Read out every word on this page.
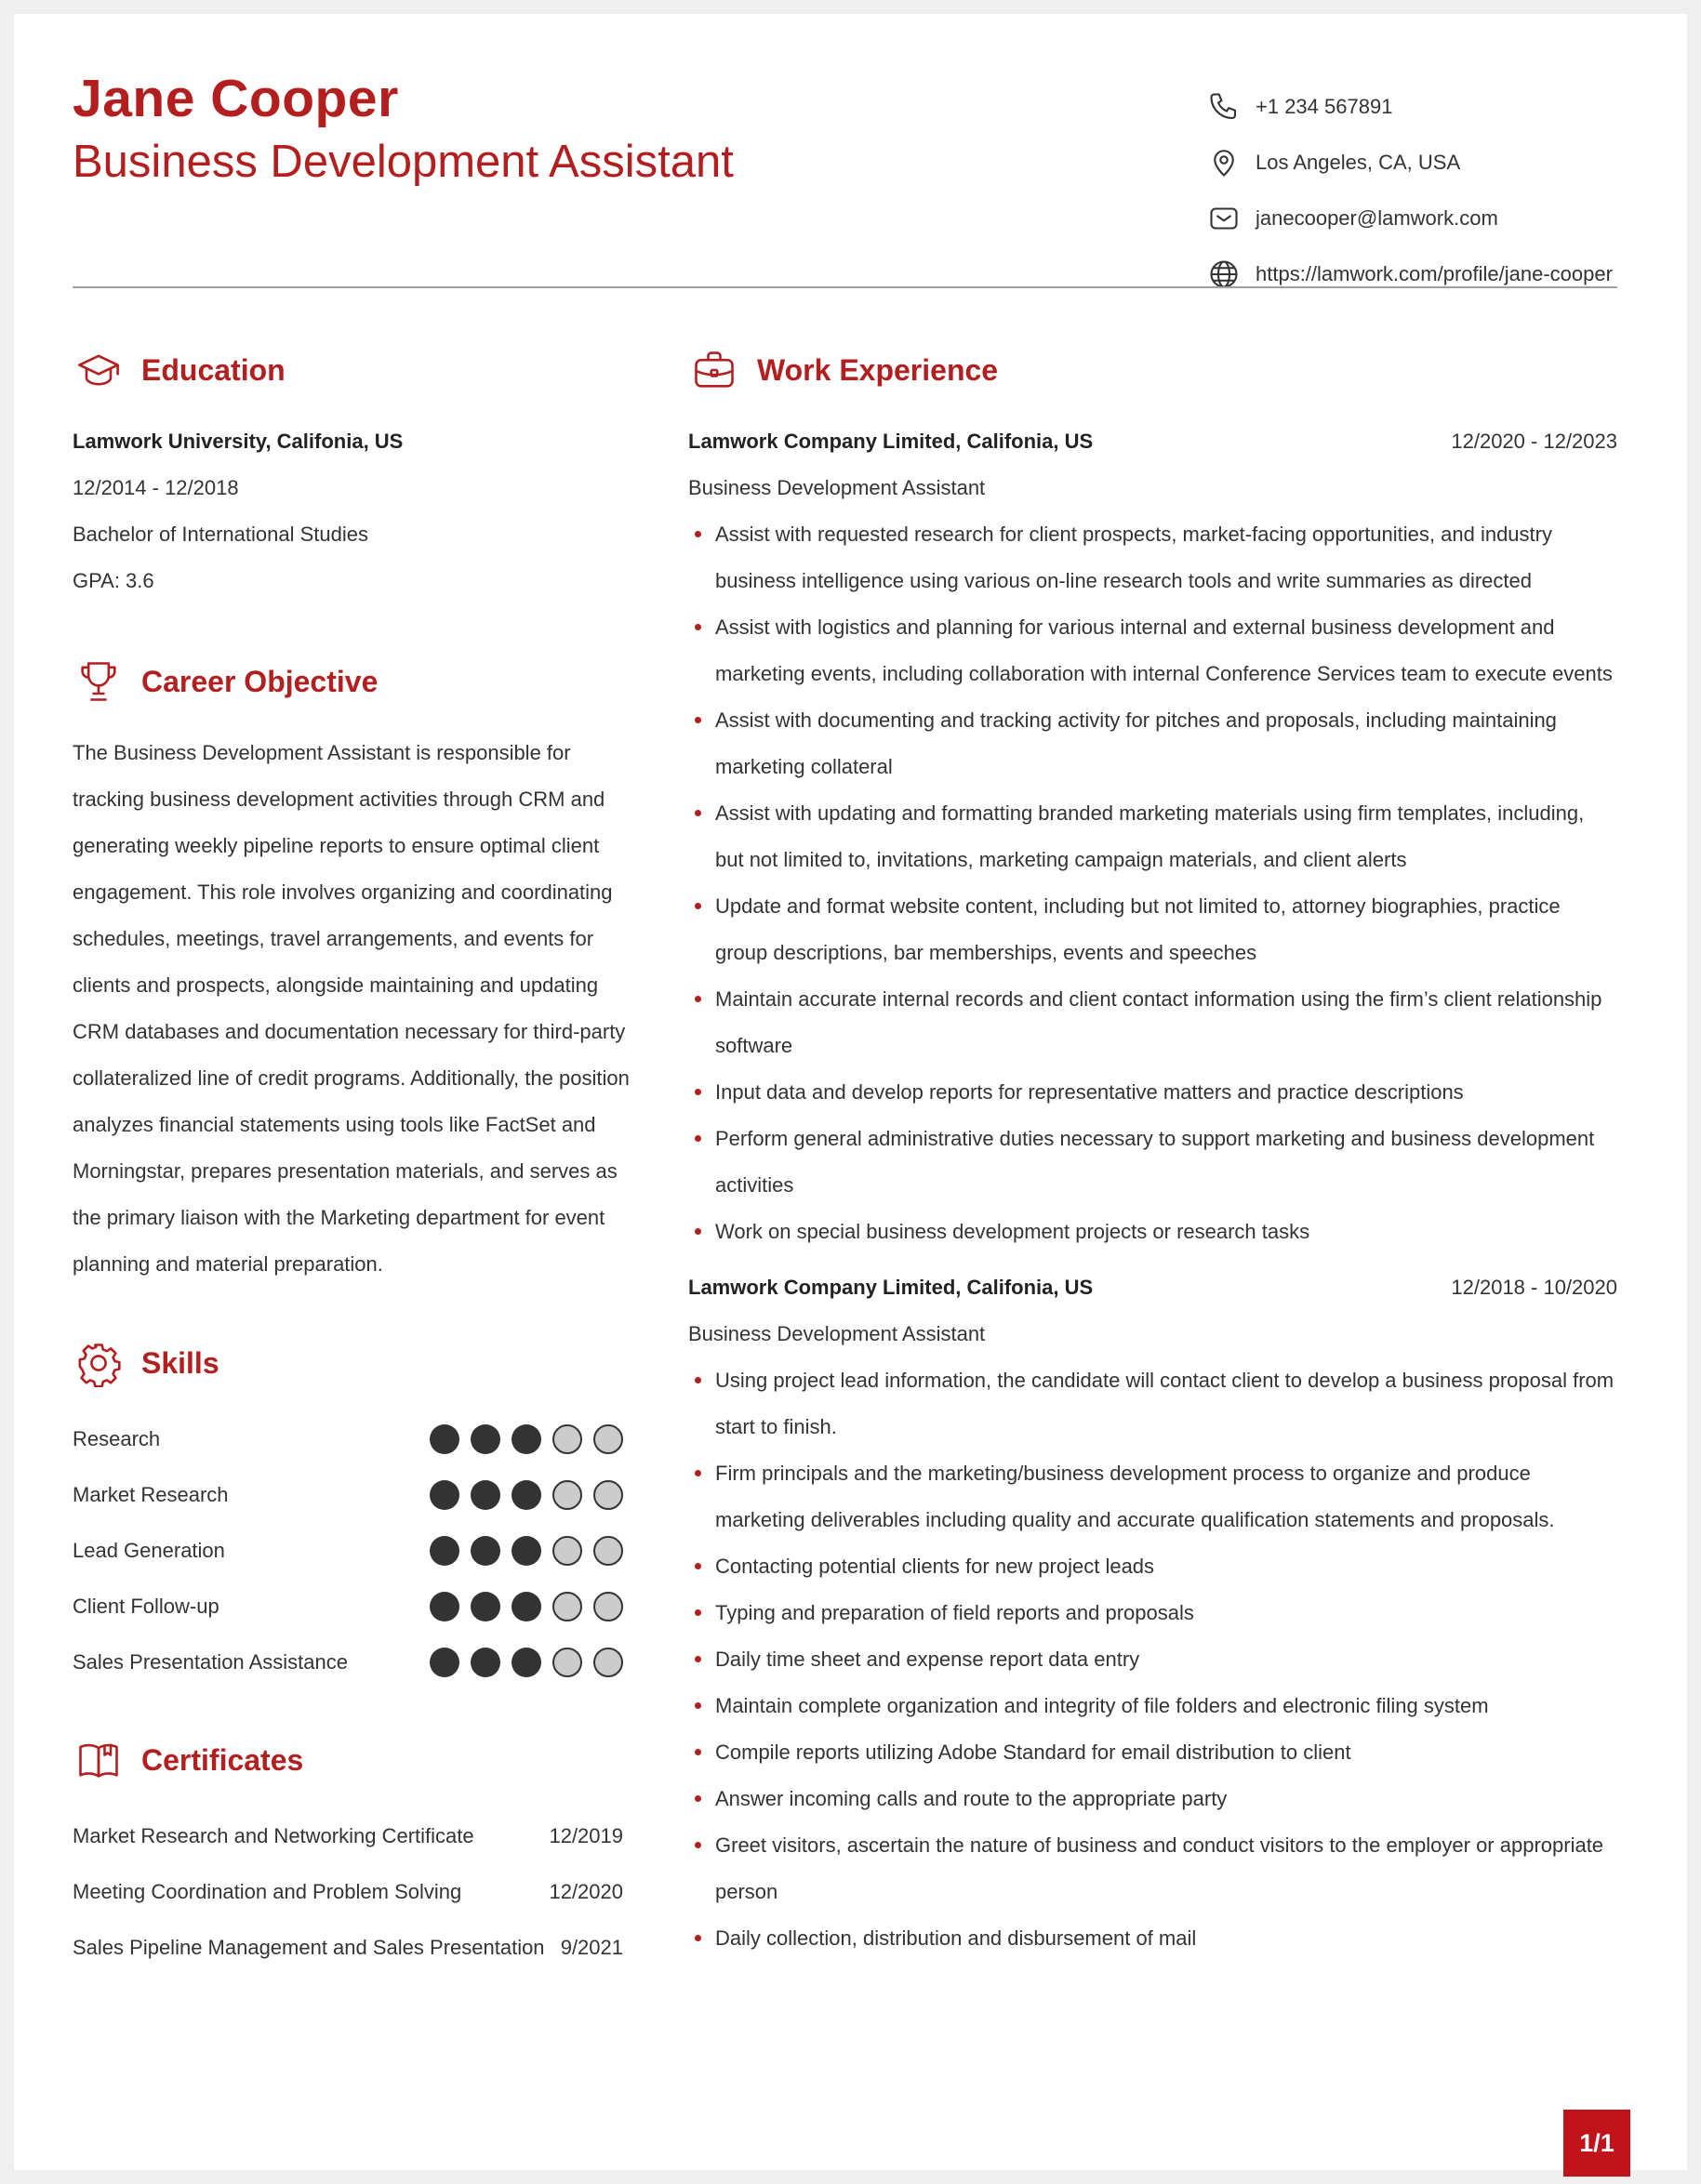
Jane Cooper
Business Development Assistant
+1 234 567891
Los Angeles, CA, USA
janecooper@lamwork.com
https://lamwork.com/profile/jane-cooper
Education
Lamwork University, Califonia, US
12/2014 - 12/2018
Bachelor of International Studies
GPA: 3.6
Career Objective
The Business Development Assistant is responsible for tracking business development activities through CRM and generating weekly pipeline reports to ensure optimal client engagement. This role involves organizing and coordinating schedules, meetings, travel arrangements, and events for clients and prospects, alongside maintaining and updating CRM databases and documentation necessary for third-party collateralized line of credit programs. Additionally, the position analyzes financial statements using tools like FactSet and Morningstar, prepares presentation materials, and serves as the primary liaison with the Marketing department for event planning and material preparation.
Skills
Research
Market Research
Lead Generation
Client Follow-up
Sales Presentation Assistance
Certificates
Market Research and Networking Certificate	12/2019
Meeting Coordination and Problem Solving	12/2020
Sales Pipeline Management and Sales Presentation 9/2021
Work Experience
Lamwork Company Limited, Califonia, US	12/2020 - 12/2023
Business Development Assistant
Assist with requested research for client prospects, market-facing opportunities, and industry business intelligence using various on-line research tools and write summaries as directed
Assist with logistics and planning for various internal and external business development and marketing events, including collaboration with internal Conference Services team to execute events
Assist with documenting and tracking activity for pitches and proposals, including maintaining marketing collateral
Assist with updating and formatting branded marketing materials using firm templates, including, but not limited to, invitations, marketing campaign materials, and client alerts
Update and format website content, including but not limited to, attorney biographies, practice group descriptions, bar memberships, events and speeches
Maintain accurate internal records and client contact information using the firm’s client relationship software
Input data and develop reports for representative matters and practice descriptions
Perform general administrative duties necessary to support marketing and business development activities
Work on special business development projects or research tasks
Lamwork Company Limited, Califonia, US	12/2018 - 10/2020
Business Development Assistant
Using project lead information, the candidate will contact client to develop a business proposal from start to finish.
Firm principals and the marketing/business development process to organize and produce marketing deliverables including quality and accurate qualification statements and proposals.
Contacting potential clients for new project leads
Typing and preparation of field reports and proposals
Daily time sheet and expense report data entry
Maintain complete organization and integrity of file folders and electronic filing system
Compile reports utilizing Adobe Standard for email distribution to client
Answer incoming calls and route to the appropriate party
Greet visitors, ascertain the nature of business and conduct visitors to the employer or appropriate person
Daily collection, distribution and disbursement of mail
1/1
